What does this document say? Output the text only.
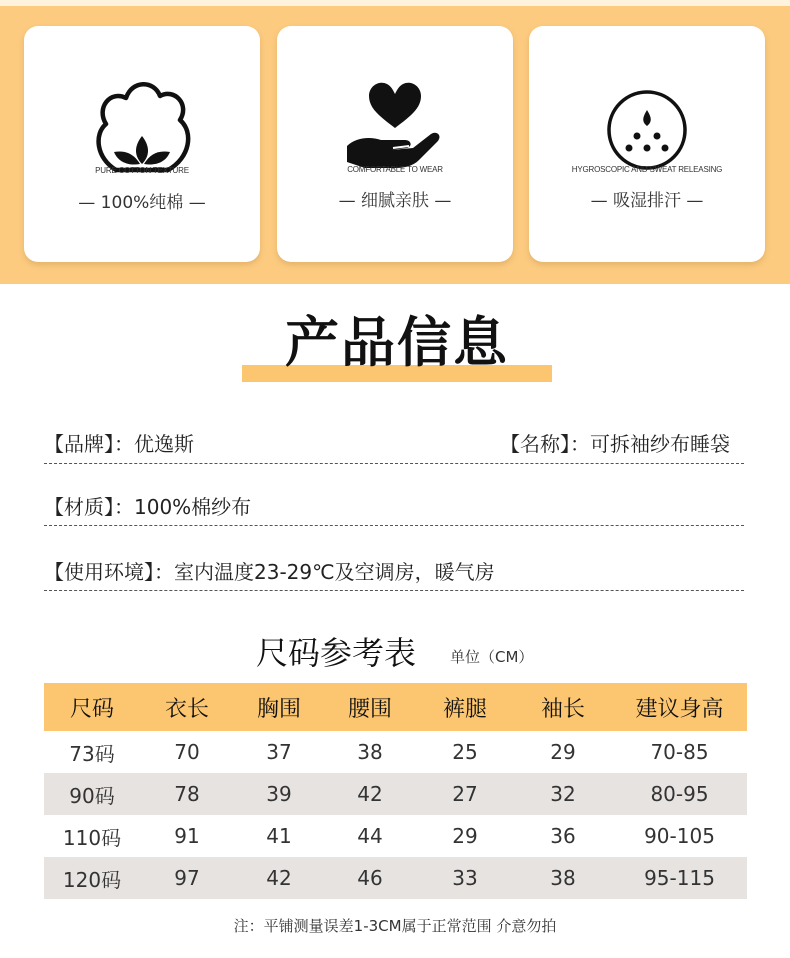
PURE COTTON TEXTURE
— 100%纯棉 —
COMFORTABLE TO WEAR
— 细腻亲肤 —
HYGROSCOPIC AND SWEAT RELEASING
— 吸湿排汗 —
产品信息
【品牌】：优逸斯	【名称】：可拆袖纱布睡袋
【材质】：100%棉纱布
【使用环境】：室内温度23-29℃及空调房，暖气房
尺码参考表 单位（CM）
尺码	衣长	胸围	腰围	裤腿	袖长	建议身高
73码	70	37	38	25	29	70-85
90码	78	39	42	27	32	80-95
110码	91	41	44	29	36	90-105
120码	97	42	46	33	38	95-115
注：平铺测量误差1-3CM属于正常范围 介意勿拍
